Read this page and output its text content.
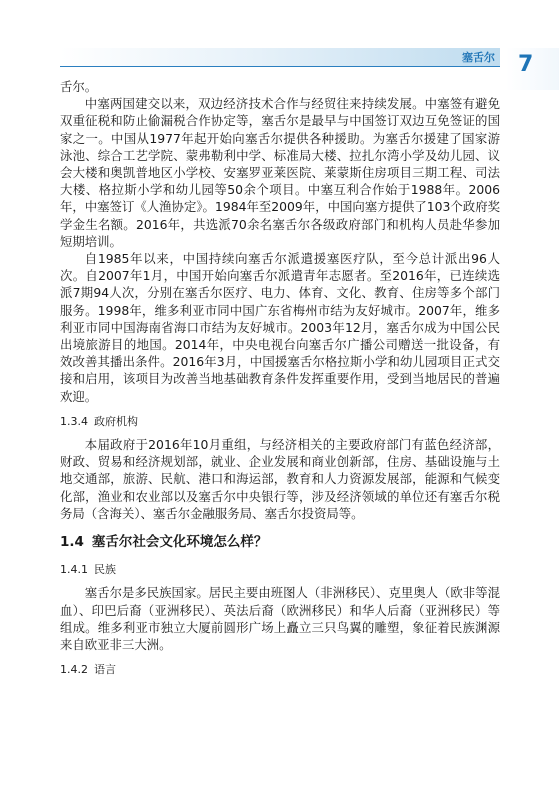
塞舌尔 7

舌尔。

中塞两国建交以来，双边经济技术合作与经贸往来持续发展。中塞签有避免双重征税和防止偷漏税合作协定等，塞舌尔是最早与中国签订双边互免签证的国家之一。中国从1977年起开始向塞舌尔提供各种援助。为塞舌尔援建了国家游泳池、综合工艺学院、蒙弗勒利中学、标准局大楼、拉扎尔湾小学及幼儿园、议会大楼和奥凯普地区小学校、安塞罗亚莱医院、莱蒙斯住房项目三期工程、司法大楼、格拉斯小学和幼儿园等50余个项目。中塞互利合作始于1988年。2006年，中塞签订《人渔协定》。1984年至2009年，中国向塞方提供了103个政府奖学金生名额。2016年，共选派70余名塞舌尔各级政府部门和机构人员赴华参加短期培训。

自1985年以来，中国持续向塞舌尔派遣援塞医疗队，至今总计派出96人次。自2007年1月，中国开始向塞舌尔派遣青年志愿者。至2016年，已连续选派7期94人次，分别在塞舌尔医疗、电力、体育、文化、教育、住房等多个部门服务。1998年，维多利亚市同中国广东省梅州市结为友好城市。2007年，维多利亚市同中国海南省海口市结为友好城市。2003年12月，塞舌尔成为中国公民出境旅游目的地国。2014年，中央电视台向塞舌尔广播公司赠送一批设备，有效改善其播出条件。2016年3月，中国援塞舌尔格拉斯小学和幼儿园项目正式交接和启用，该项目为改善当地基础教育条件发挥重要作用，受到当地居民的普遍欢迎。

1.3.4 政府机构

本届政府于2016年10月重组，与经济相关的主要政府部门有蓝色经济部，财政、贸易和经济规划部，就业、企业发展和商业创新部，住房、基础设施与土地交通部，旅游、民航、港口和海运部，教育和人力资源发展部，能源和气候变化部，渔业和农业部以及塞舌尔中央银行等，涉及经济领域的单位还有塞舌尔税务局（含海关）、塞舌尔金融服务局、塞舌尔投资局等。

1.4 塞舌尔社会文化环境怎么样？

1.4.1 民族

塞舌尔是多民族国家。居民主要由班图人（非洲移民）、克里奥人（欧非等混血）、印巴后裔（亚洲移民）、英法后裔（欧洲移民）和华人后裔（亚洲移民）等组成。维多利亚市独立大厦前圆形广场上矗立三只鸟翼的雕塑，象征着民族渊源来自欧亚非三大洲。

1.4.2 语言
